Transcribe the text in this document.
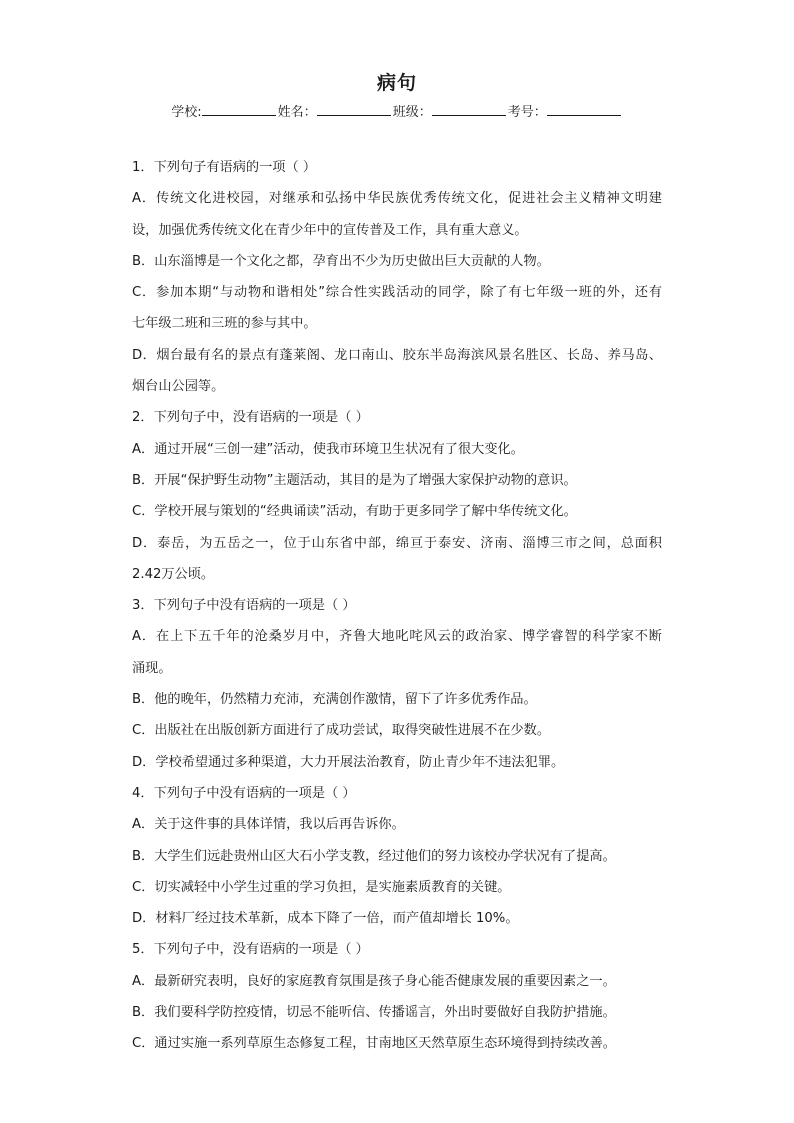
病句
学校:	姓名：	班级：	考号：
1．下列句子有语病的一项（ ）
A．传统文化进校园，对继承和弘扬中华民族优秀传统文化，促进社会主义精神文明建
设，加强优秀传统文化在青少年中的宣传普及工作，具有重大意义。
B．山东淄博是一个文化之都，孕育出不少为历史做出巨大贡献的人物。
C．参加本期“与动物和谐相处”综合性实践活动的同学，除了有七年级一班的外，还有
七年级二班和三班的参与其中。
D．烟台最有名的景点有蓬莱阁、龙口南山、胶东半岛海滨风景名胜区、长岛、养马岛、
烟台山公园等。
2．下列句子中，没有语病的一项是（ ）
A．通过开展“三创一建”活动，使我市环境卫生状况有了很大变化。
B．开展“保护野生动物”主题活动，其目的是为了增强大家保护动物的意识。
C．学校开展与策划的“经典诵读”活动，有助于更多同学了解中华传统文化。
D．泰岳，为五岳之一，位于山东省中部，绵亘于泰安、济南、淄博三市之间，总面积
2.42万公顷。
3．下列句子中没有语病的一项是（ ）
A．在上下五千年的沧桑岁月中，齐鲁大地叱咤风云的政治家、博学睿智的科学家不断
涌现。
B．他的晚年，仍然精力充沛，充满创作激情，留下了许多优秀作品。
C．出版社在出版创新方面进行了成功尝试，取得突破性进展不在少数。
D．学校希望通过多种渠道，大力开展法治教育，防止青少年不违法犯罪。
4．下列句子中没有语病的一项是（ ）
A．关于这件事的具体详情，我以后再告诉你。
B．大学生们远赴贵州山区大石小学支教，经过他们的努力该校办学状况有了提高。
C．切实减轻中小学生过重的学习负担，是实施素质教育的关键。
D．材料厂经过技术革新，成本下降了一倍，而产值却增长 10%。
5．下列句子中，没有语病的一项是（ ）
A．最新研究表明，良好的家庭教育氛围是孩子身心能否健康发展的重要因素之一。
B．我们要科学防控疫情，切忌不能听信、传播谣言，外出时要做好自我防护措施。
C．通过实施一系列草原生态修复工程，甘南地区天然草原生态环境得到持续改善。
